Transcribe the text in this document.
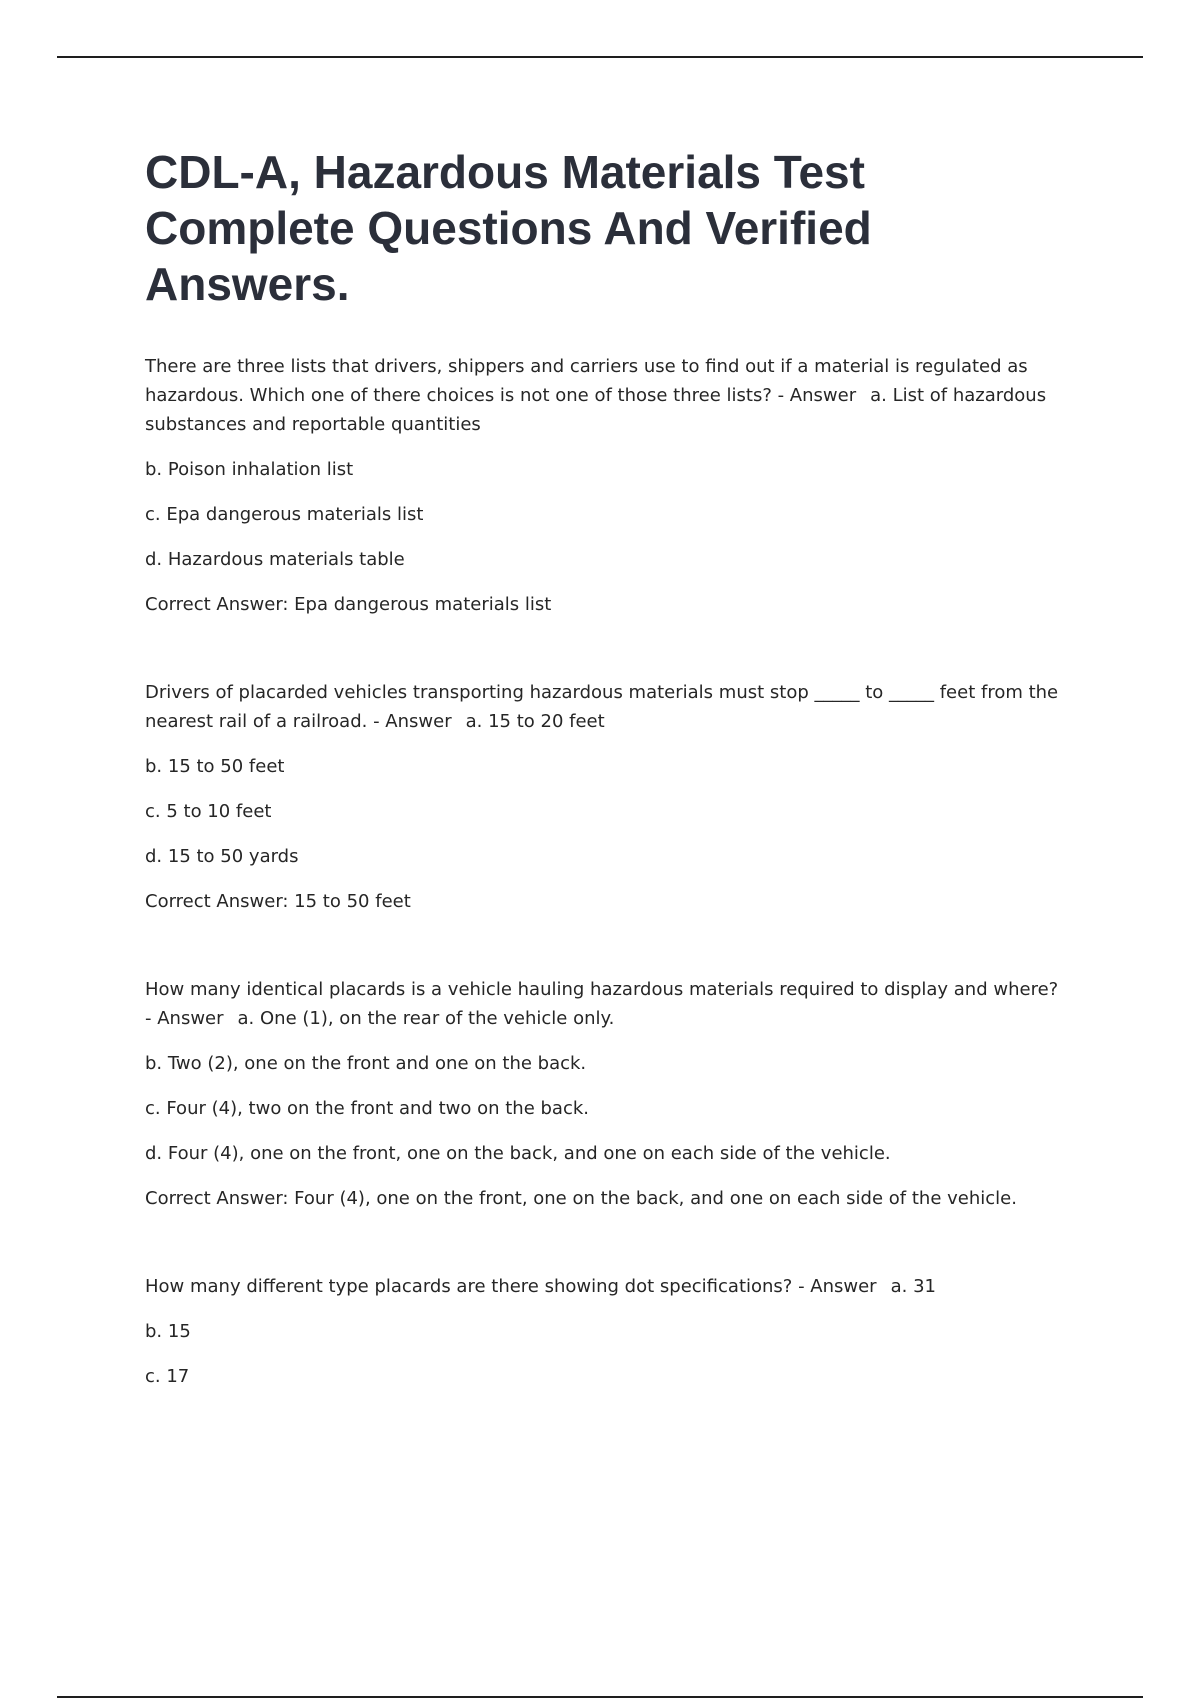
CDL-A, Hazardous Materials Test Complete Questions And Verified Answers.

There are three lists that drivers, shippers and carriers use to find out if a material is regulated as hazardous. Which one of there choices is not one of those three lists? - Answer a. List of hazardous substances and reportable quantities

b. Poison inhalation list

c. Epa dangerous materials list

d. Hazardous materials table

Correct Answer: Epa dangerous materials list

Drivers of placarded vehicles transporting hazardous materials must stop _____ to _____ feet from the nearest rail of a railroad. - Answer a. 15 to 20 feet

b. 15 to 50 feet

c. 5 to 10 feet

d. 15 to 50 yards

Correct Answer: 15 to 50 feet

How many identical placards is a vehicle hauling hazardous materials required to display and where? - Answer a. One (1), on the rear of the vehicle only.

b. Two (2), one on the front and one on the back.

c. Four (4), two on the front and two on the back.

d. Four (4), one on the front, one on the back, and one on each side of the vehicle.

Correct Answer: Four (4), one on the front, one on the back, and one on each side of the vehicle.

How many different type placards are there showing dot specifications? - Answer a. 31

b. 15

c. 17
